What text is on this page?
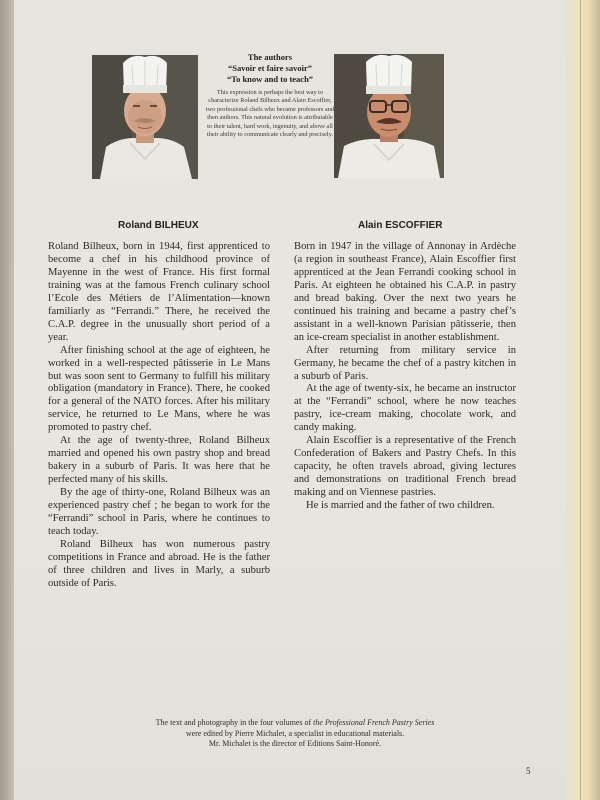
The authors
“Savoir et faire savoir”
“To know and to teach”
This expression is perhaps the best way to characterize Roland Bilheux and Alain Escoffier, two professional chefs who became professors and then authors. This natural evolution is attributable to their talent, hard work, ingenuity, and above all their ability to communicate clearly and precisely.
Roland BILHEUX	Alain ESCOFFIER

Roland Bilheux, born in 1944, first apprenticed to become a chef in his childhood province of Mayenne in the west of France. His first formal training was at the famous French culinary school l’Ecole des Métiers de l’Alimentation—known familiarly as “Ferrandi.” There, he received the C.A.P. degree in the unusually short period of a year.

After finishing school at the age of eighteen, he worked in a well-respected pâtisserie in Le Mans but was soon sent to Germany to fulfill his military obligation (mandatory in France). There, he cooked for a general of the NATO forces. After his military service, he returned to Le Mans, where he was promoted to pastry chef.

At the age of twenty-three, Roland Bilheux married and opened his own pastry shop and bread bakery in a suburb of Paris. It was here that he perfected many of his skills.

By the age of thirty-one, Roland Bilheux was an experienced pastry chef ; he began to work for the “Ferrandi” school in Paris, where he continues to teach today.

Roland Bilheux has won numerous pastry competitions in France and abroad. He is the father of three children and lives in Marly, a suburb outside of Paris.

Born in 1947 in the village of Annonay in Ardèche (a region in southeast France), Alain Escoffier first apprenticed at the Jean Ferrandi cooking school in Paris. At eighteen he obtained his C.A.P. in pastry and bread baking. Over the next two years he continued his training and became a pastry chef’s assistant in a well-known Parisian pâtisserie, then an ice-cream specialist in another establishment.

After returning from military service in Germany, he became the chef of a pastry kitchen in a suburb of Paris.

At the age of twenty-six, he became an instructor at the “Ferrandi” school, where he now teaches pastry, ice-cream making, chocolate work, and candy making.

Alain Escoffier is a representative of the French Confederation of Bakers and Pastry Chefs. In this capacity, he often travels abroad, giving lectures and demonstrations on traditional French bread making and on Viennese pastries.

He is married and the father of two children.

The text and photography in the four volumes of the Professional French Pastry Series were edited by Pierre Michalet, a specialist in educational materials.
Mr. Michalet is the director of Editions Saint-Honoré.
5
